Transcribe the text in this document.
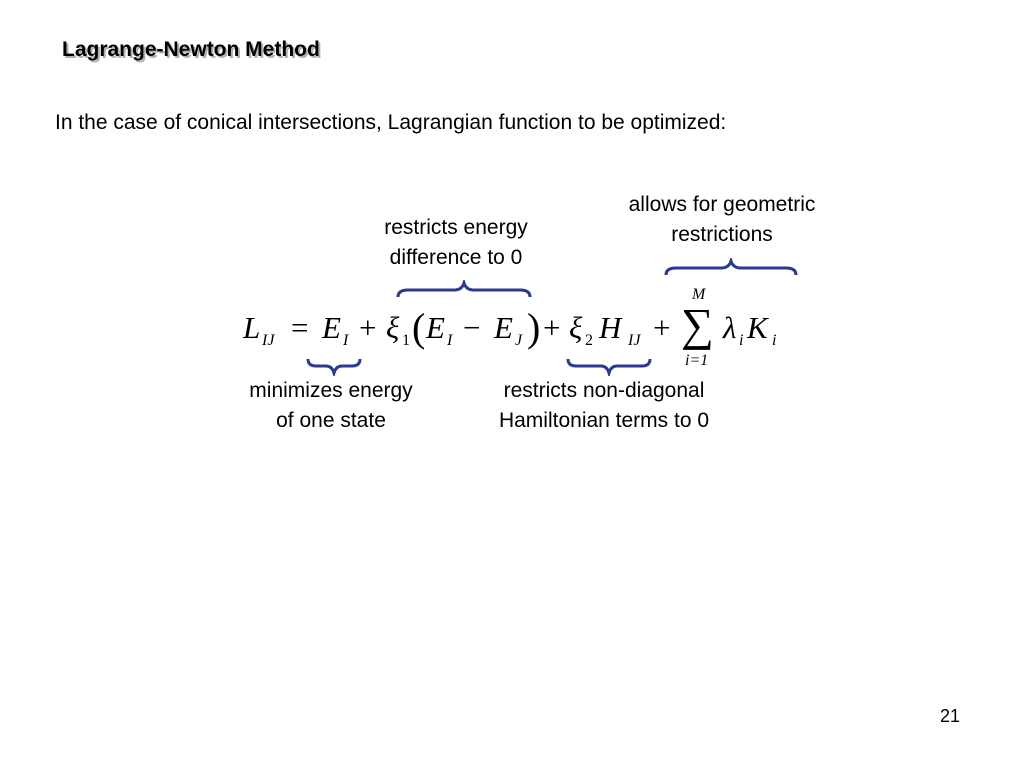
Lagrange-Newton Method
In the case of conical intersections, Lagrangian function to be optimized:
restricts energy
difference to 0
allows for geometric
restrictions
minimizes energy
of one state
restricts non-diagonal
Hamiltonian terms to 0
L IJ = E I + ξ 1 ( E I − E J ) + ξ 2 H IJ +
M
∑
i=1
λ i K i
21
